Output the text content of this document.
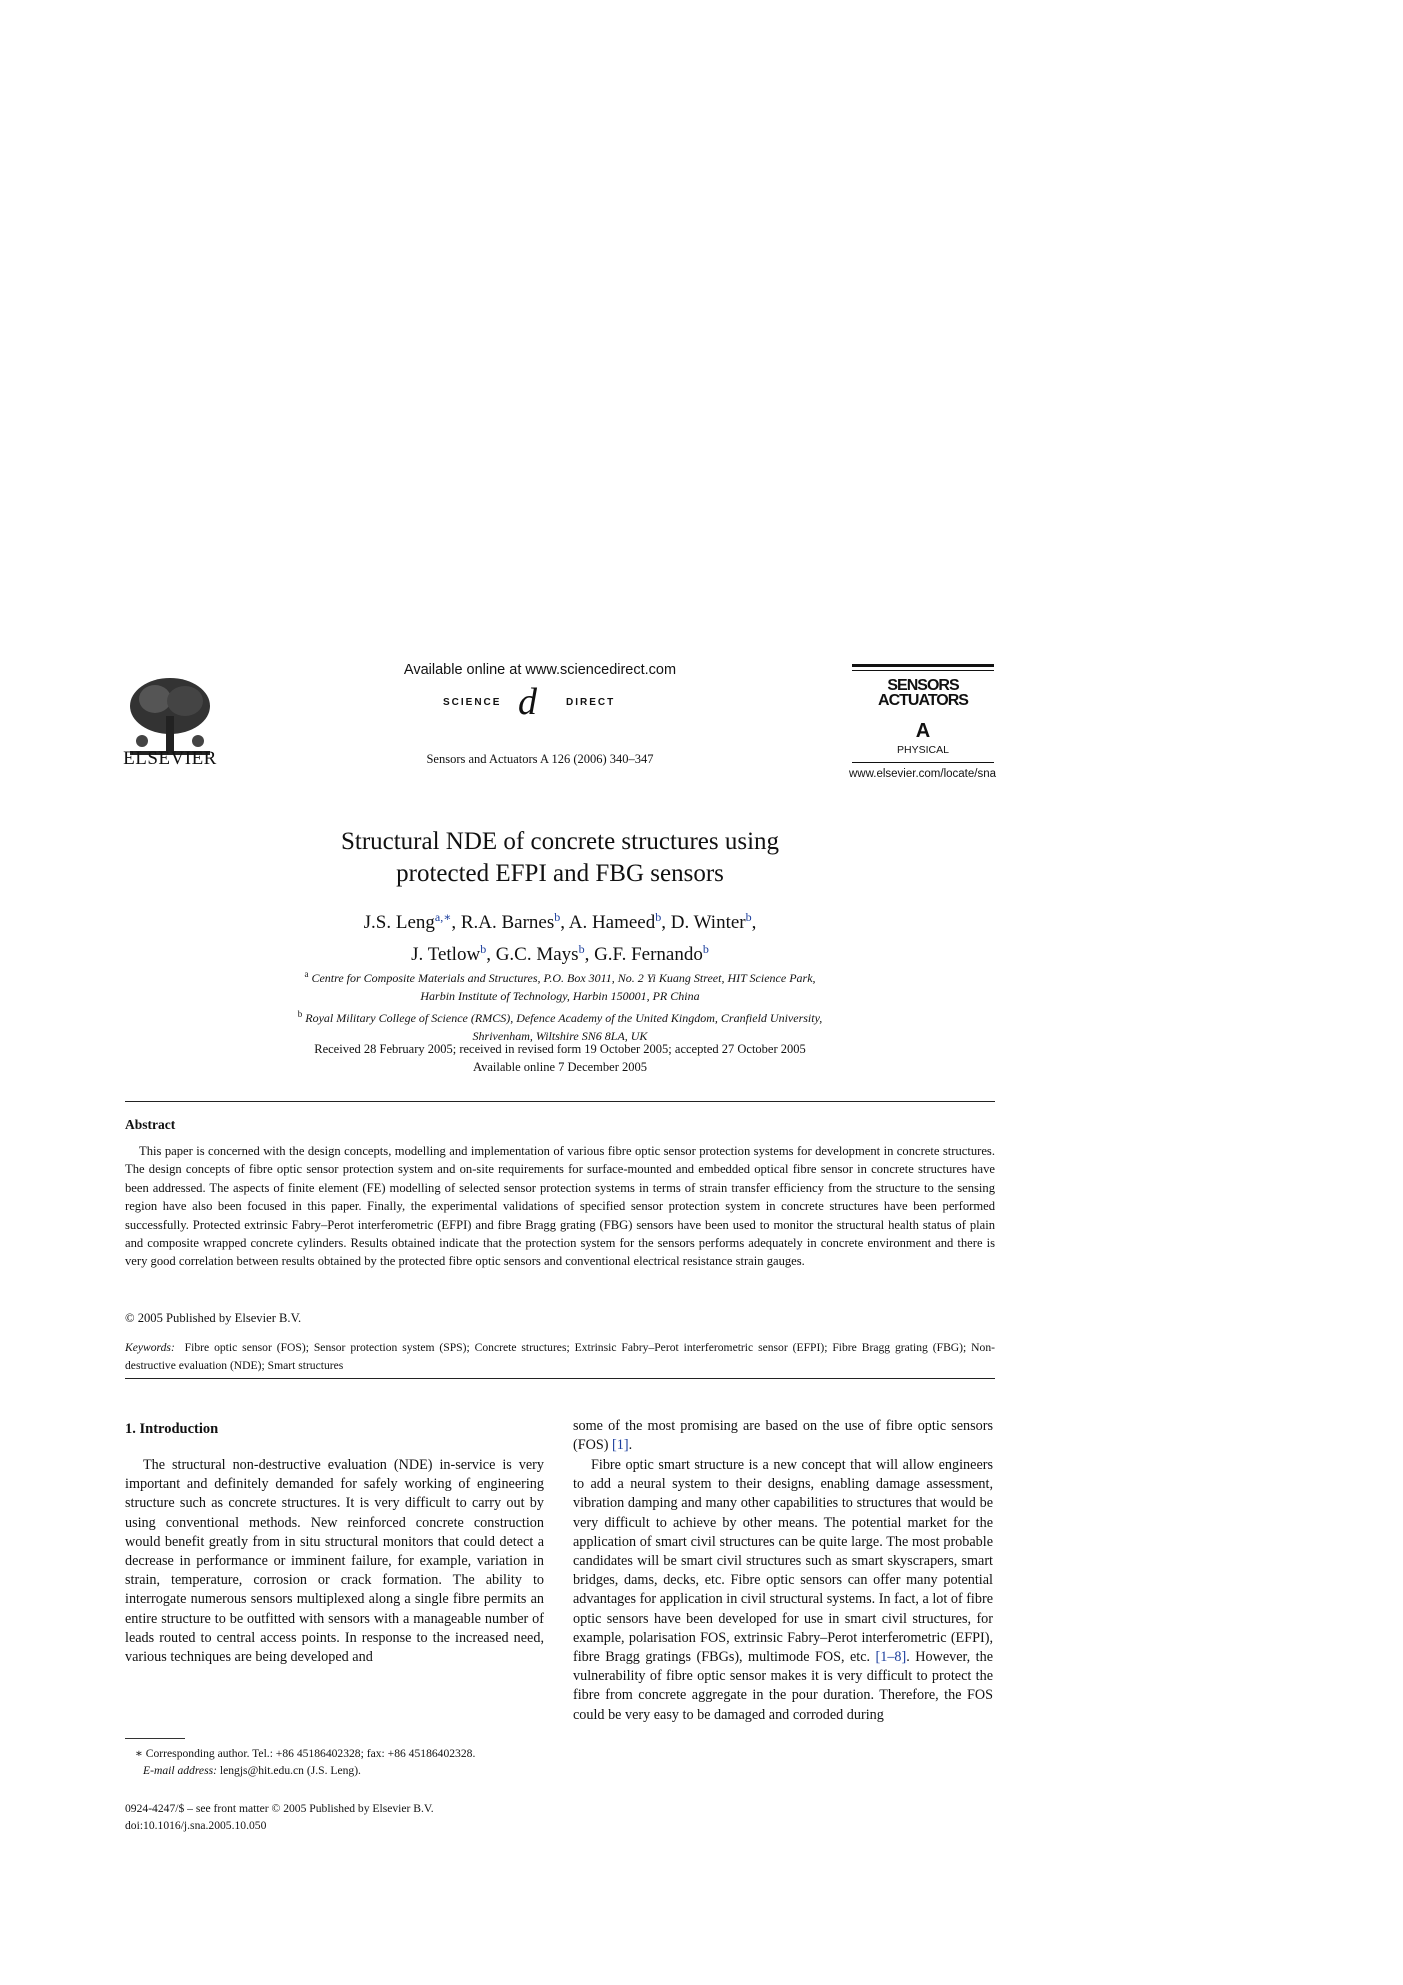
ELSEVIER
Available online at www.sciencedirect.com
SCIENCE d	DIRECT
Sensors and Actuators A 126 (2006) 340–347
SENSORS
ACTUATORS
A
PHYSICAL
www.elsevier.com/locate/sna
Structural NDE of concrete structures using
protected EFPI and FBG sensors
J.S. Leng$^{a,∗}$, R.A. Barnes$^b$, A. Hameed$^b$, D. Winter$^b$,
J. Tetlow$^b$, G.C. Mays$^b$, G.F. Fernando$^b$
$^a$ Centre for Composite Materials and Structures, P.O. Box 3011, No. 2 Yi Kuang Street, HIT Science Park,
Harbin Institute of Technology, Harbin 150001, PR China
$^b$ Royal Military College of Science (RMCS), Defence Academy of the United Kingdom, Cranfield University,
Shrivenham, Wiltshire SN6 8LA, UK
Received 28 February 2005; received in revised form 19 October 2005; accepted 27 October 2005
Available online 7 December 2005
Abstract
This paper is concerned with the design concepts, modelling and implementation of various fibre optic sensor protection systems for development in concrete structures. The design concepts of fibre optic sensor protection system and on-site requirements for surface-mounted and embedded optical fibre sensor in concrete structures have been addressed. The aspects of finite element (FE) modelling of selected sensor protection systems in terms of strain transfer efficiency from the structure to the sensing region have also been focused in this paper. Finally, the experimental validations of specified sensor protection system in concrete structures have been performed successfully. Protected extrinsic Fabry–Perot interferometric (EFPI) and fibre Bragg grating (FBG) sensors have been used to monitor the structural health status of plain and composite wrapped concrete cylinders. Results obtained indicate that the protection system for the sensors performs adequately in concrete environment and there is very good correlation between results obtained by the protected fibre optic sensors and conventional electrical resistance strain gauges.
© 2005 Published by Elsevier B.V.
Keywords: Fibre optic sensor (FOS); Sensor protection system (SPS); Concrete structures; Extrinsic Fabry–Perot interferometric sensor (EFPI); Fibre Bragg grating (FBG); Non-destructive evaluation (NDE); Smart structures
1. Introduction
The structural non-destructive evaluation (NDE) in-service is very important and definitely demanded for safely working of engineering structure such as concrete structures. It is very difficult to carry out by using conventional methods. New reinforced concrete construction would benefit greatly from in situ structural monitors that could detect a decrease in performance or imminent failure, for example, variation in strain, temperature, corrosion or crack formation. The ability to interrogate numerous sensors multiplexed along a single fibre permits an entire structure to be outfitted with sensors with a manageable number of leads routed to central access points. In response to the increased need, various techniques are being developed and
some of the most promising are based on the use of fibre optic sensors (FOS) [1].
Fibre optic smart structure is a new concept that will allow engineers to add a neural system to their designs, enabling damage assessment, vibration damping and many other capabilities to structures that would be very difficult to achieve by other means. The potential market for the application of smart civil structures can be quite large. The most probable candidates will be smart civil structures such as smart skyscrapers, smart bridges, dams, decks, etc. Fibre optic sensors can offer many potential advantages for application in civil structural systems. In fact, a lot of fibre optic sensors have been developed for use in smart civil structures, for example, polarisation FOS, extrinsic Fabry–Perot interferometric (EFPI), fibre Bragg gratings (FBGs), multimode FOS, etc. [1–8]. However, the vulnerability of fibre optic sensor makes it is very difficult to protect the fibre from concrete aggregate in the pour duration. Therefore, the FOS could be very easy to be damaged and corroded during
∗ Corresponding author. Tel.: +86 45186402328; fax: +86 45186402328.
E-mail address: lengjs@hit.edu.cn (J.S. Leng).
0924-4247/$ – see front matter © 2005 Published by Elsevier B.V.
doi:10.1016/j.sna.2005.10.050
